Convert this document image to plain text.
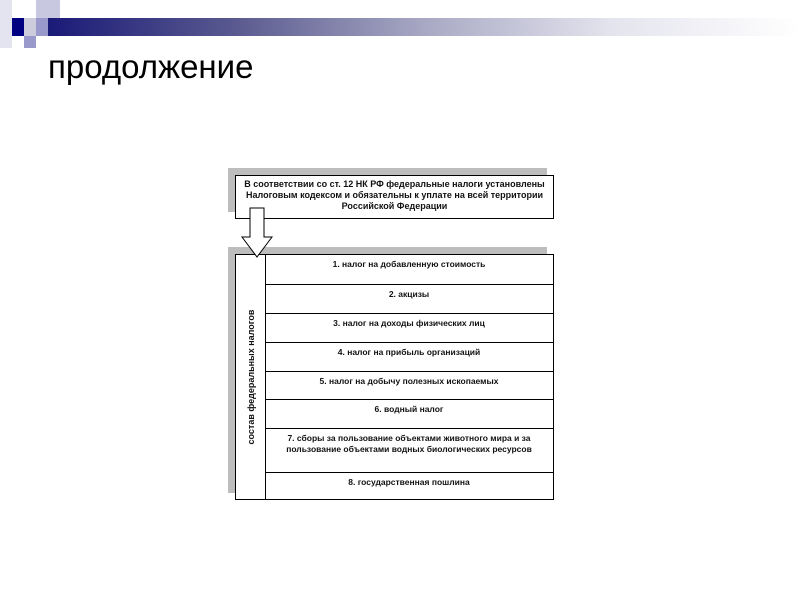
продолжение
В соответствии со ст. 12 НК РФ федеральные налоги установлены Налоговым кодексом и обязательны к уплате на всей территории Российской Федерации
состав федеральных налогов
1. налог на добавленную стоимость
2. акцизы
3. налог на доходы физических лиц
4. налог на прибыль организаций
5. налог на добычу полезных ископаемых
6. водный налог
7. сборы за пользование объектами животного мира и за пользование объектами водных биологических ресурсов
8. государственная пошлина
